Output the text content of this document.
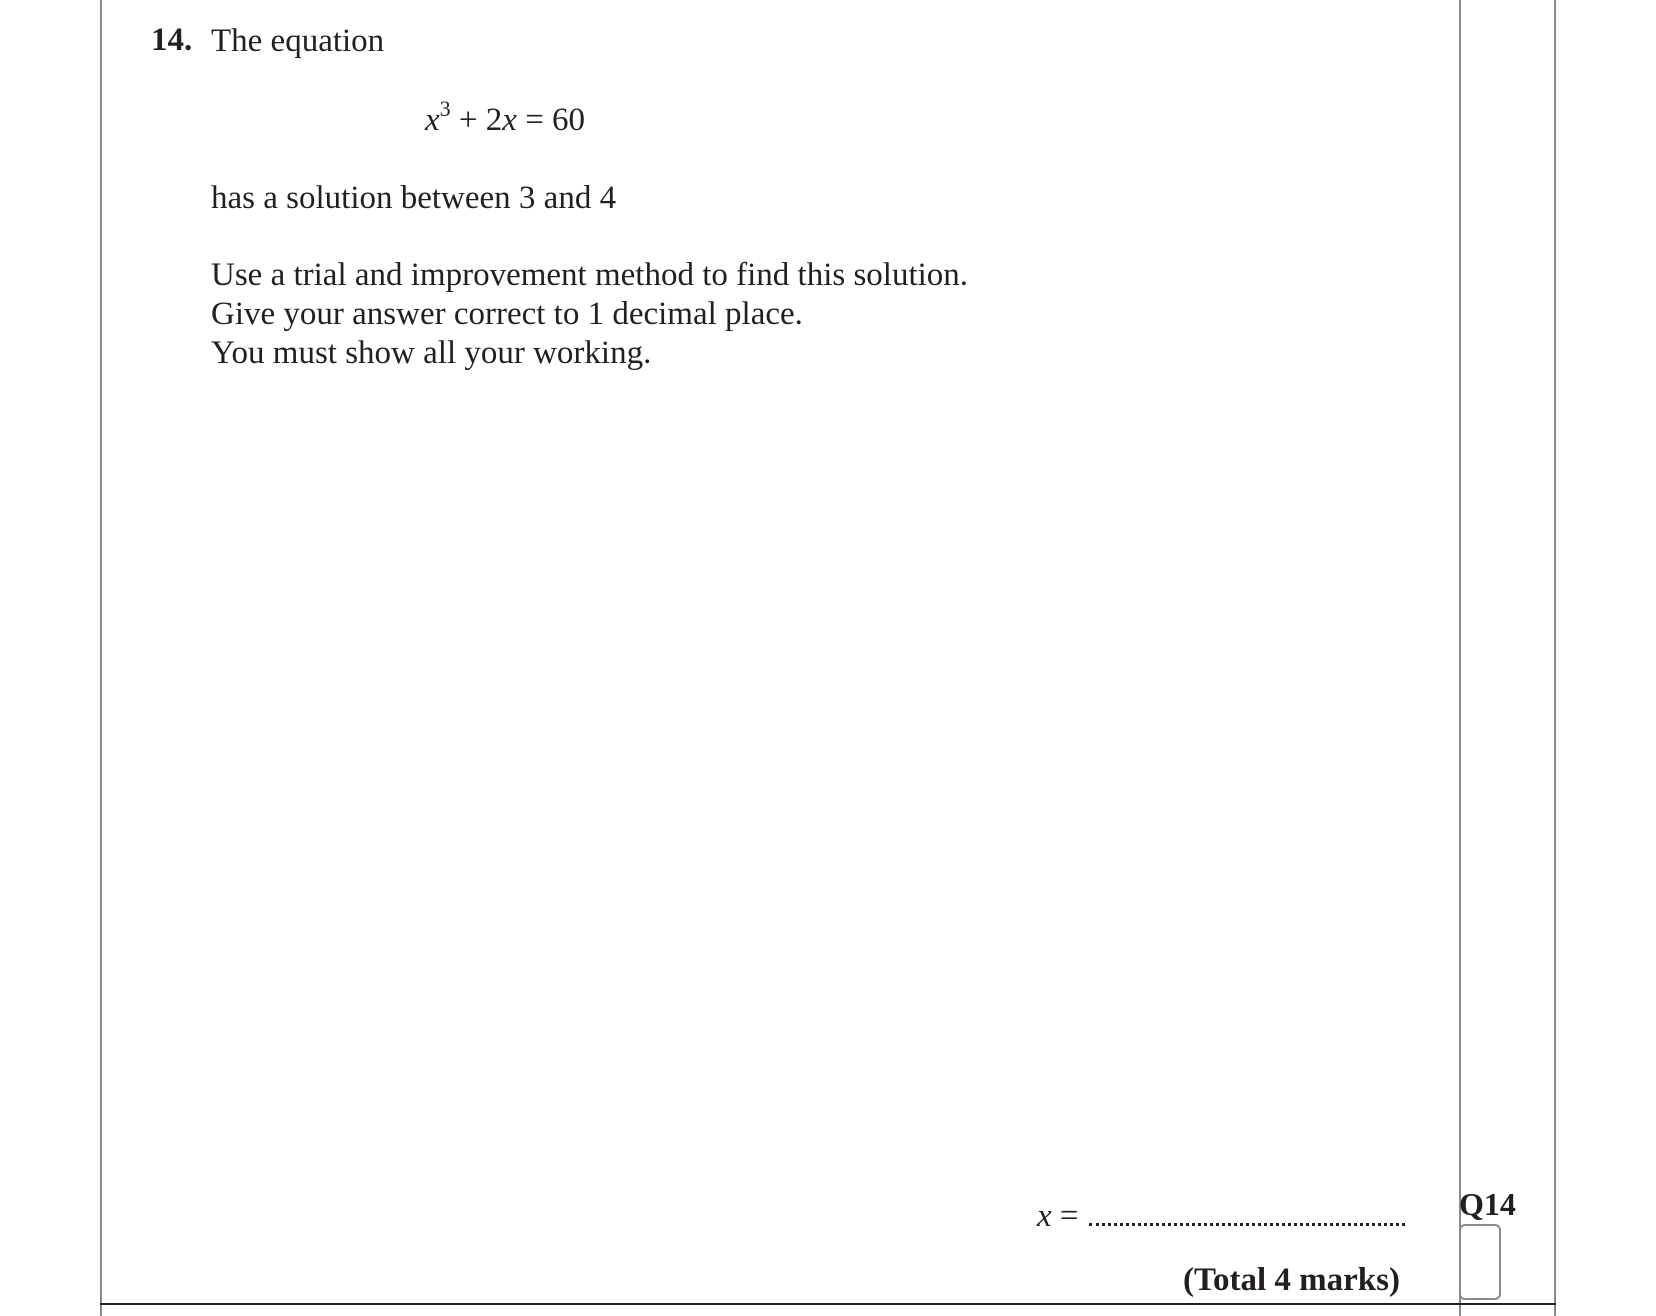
14. The equation
$x^3 + 2x = 60$
has a solution between 3 and 4
Use a trial and improvement method to find this solution.
Give your answer correct to 1 decimal place.
You must show all your working.
x =
(Total 4 marks)
Q14
